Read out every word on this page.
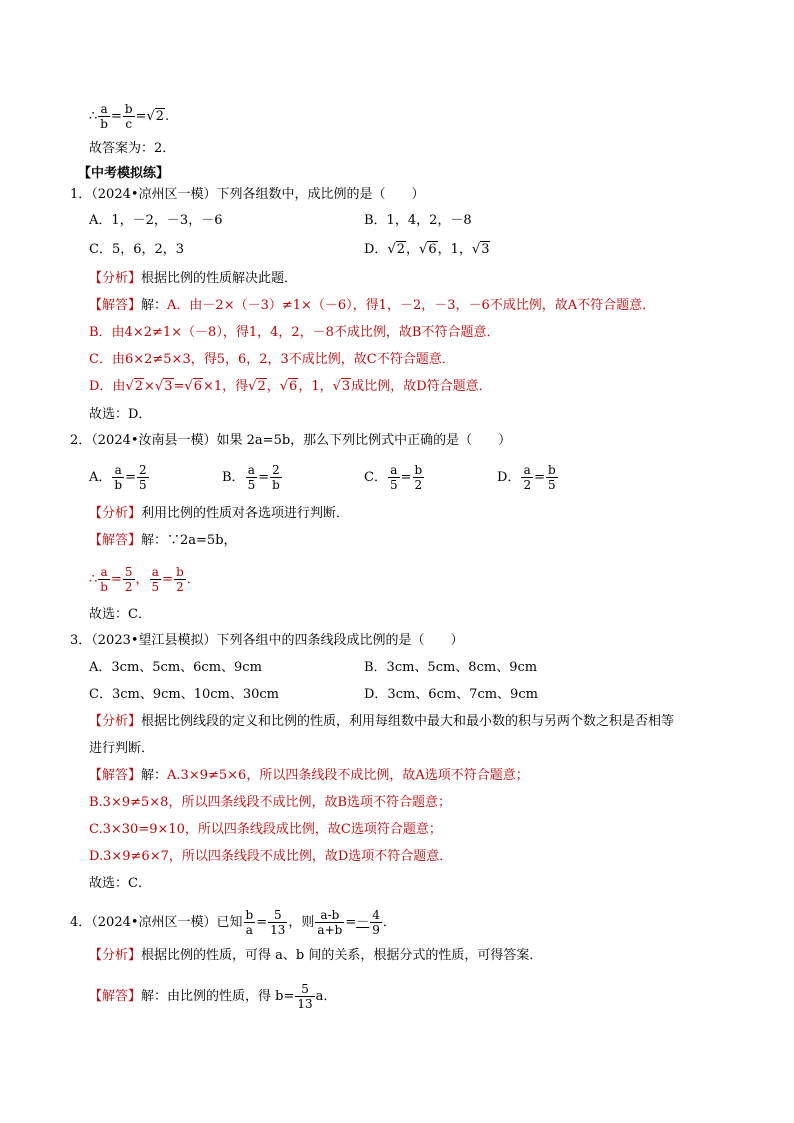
∴ $\frac{a}{b} = \frac{b}{c} =√2$.
故答案为：2．
【中考模拟练】
1．（2024•凉州区一模）下列各组数中，成比例的是（　　）
A．1，－2，－3，－6	B．1，4，2，－8
C．5，6，2，3	D．√2，√6，1，√3
【分析】根据比例的性质解决此题．
【解答】解：A．由－2×（－3）≠1×（－6），得1，－2，－3，－6不成比例，故A不符合题意．
B．由4×2≠1×（－8），得1，4，2，－8不成比例，故B不符合题意．
C．由6×2≠5×3，得5，6，2，3不成比例，故C不符合题意．
D．由√2×√3=√6×1，得√2，√6，1，√3成比例，故D符合题意．
故选：D．
2．（2024•汝南县一模）如果 2a=5b，那么下列比例式中正确的是（　　）
A． $\frac{a}{b} = \frac{2}{5}$	B． $\frac{a}{5} = \frac{2}{b}$	C． $\frac{a}{5} = \frac{b}{2}$	D． $\frac{a}{2} = \frac{b}{5}$
【分析】利用比例的性质对各选项进行判断．
【解答】解：∵2a=5b，
∴ $\frac{a}{b} = \frac{5}{2}$ ， $\frac{a}{5} = \frac{b}{2}$ ．
故选：C．
3．（2023•望江县模拟）下列各组中的四条线段成比例的是（　　）
A．3cm、5cm、6cm、9cm	B．3cm、5cm、8cm、9cm
C．3cm、9cm、10cm、30cm	D．3cm、6cm、7cm、9cm
【分析】根据比例线段的定义和比例的性质，利用每组数中最大和最小数的积与另两个数之积是否相等
进行判断．
【解答】解：A.3×9≠5×6，所以四条线段不成比例，故A选项不符合题意；
B.3×9≠5×8，所以四条线段不成比例，故B选项不符合题意；
C.3×30=9×10，所以四条线段成比例，故C选项符合题意；
D.3×9≠6×7，所以四条线段不成比例，故D选项不符合题意．
故选：C．
4．（2024•凉州区一模）已知 $\frac{b}{a} = \frac{5}{13}$ ，则 $\frac{a-b}{a+b} =- \frac{4}{9}$ ．
【分析】根据比例的性质，可得 a、b 间的关系，根据分式的性质，可得答案．
【解答】解：由比例的性质，得 $b= \frac{5}{13}$ a．
